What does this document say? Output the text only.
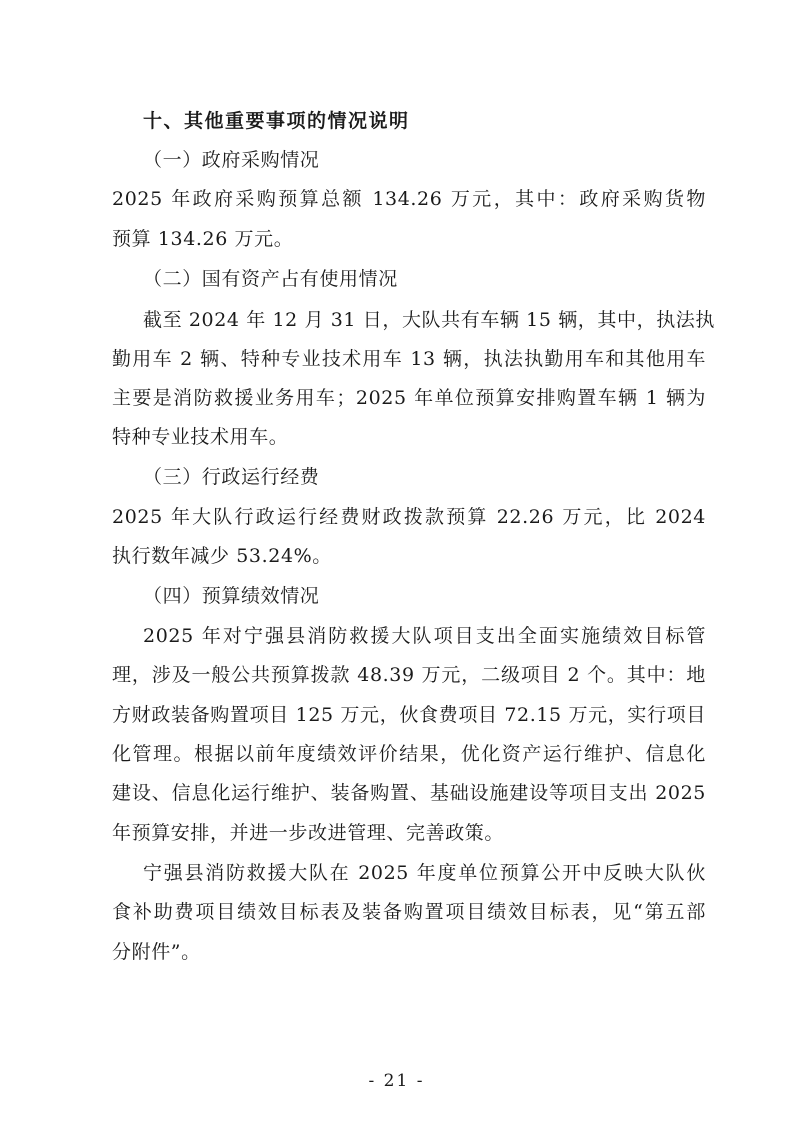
十、其他重要事项的情况说明
（一）政府采购情况
2025 年政府采购预算总额 134.26 万元，其中：政府采购货物
预算 134.26 万元。
（二）国有资产占有使用情况
截至 2024 年 12 月 31 日，大队共有车辆 15 辆，其中，执法执
勤用车 2 辆、特种专业技术用车 13 辆，执法执勤用车和其他用车
主要是消防救援业务用车；2025 年单位预算安排购置车辆 1 辆为
特种专业技术用车。
（三）行政运行经费
2025 年大队行政运行经费财政拨款预算 22.26 万元，比 2024
执行数年减少 53.24%。
（四）预算绩效情况
2025 年对宁强县消防救援大队项目支出全面实施绩效目标管
理，涉及一般公共预算拨款 48.39 万元，二级项目 2 个。其中：地
方财政装备购置项目 125 万元，伙食费项目 72.15 万元，实行项目
化管理。根据以前年度绩效评价结果，优化资产运行维护、信息化
建设、信息化运行维护、装备购置、基础设施建设等项目支出 2025
年预算安排，并进一步改进管理、完善政策。
宁强县消防救援大队在 2025 年度单位预算公开中反映大队伙
食补助费项目绩效目标表及装备购置项目绩效目标表，见“第五部
分附件”。
- 21 -
